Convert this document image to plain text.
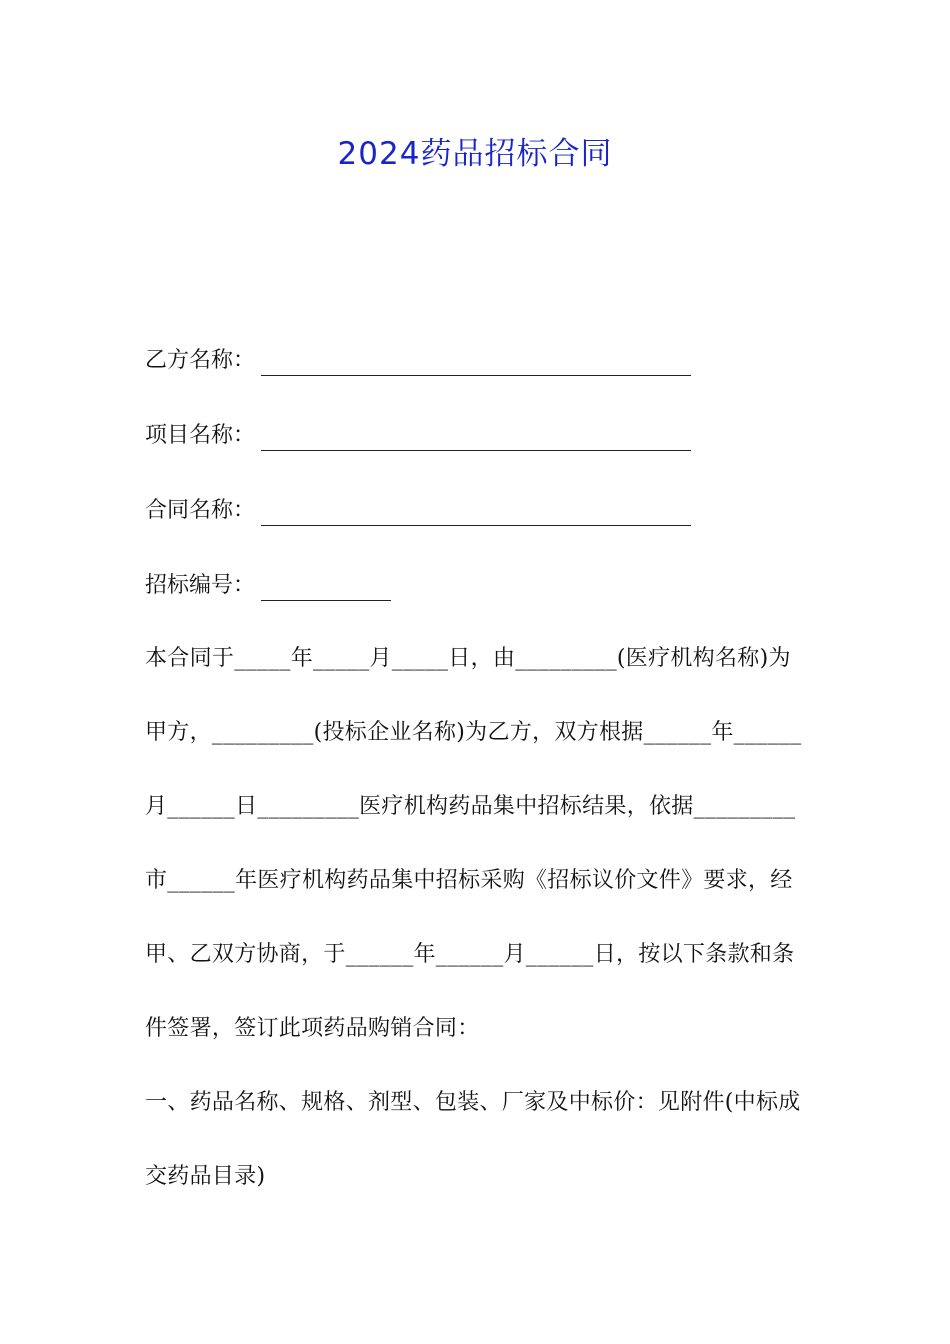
2024药品招标合同
乙方名称：
项目名称：
合同名称：
招标编号：

本合同于_____年_____月_____日，由_________(医疗机构名称)为甲方，_________(投标企业名称)为乙方，双方根据______年______月______日_________医疗机构药品集中招标结果，依据_________市______年医疗机构药品集中招标采购《招标议价文件》要求，经甲、乙双方协商，于______年______月______日，按以下条款和条件签署，签订此项药品购销合同：

一、药品名称、规格、剂型、包装、厂家及中标价：见附件(中标成交药品目录)
